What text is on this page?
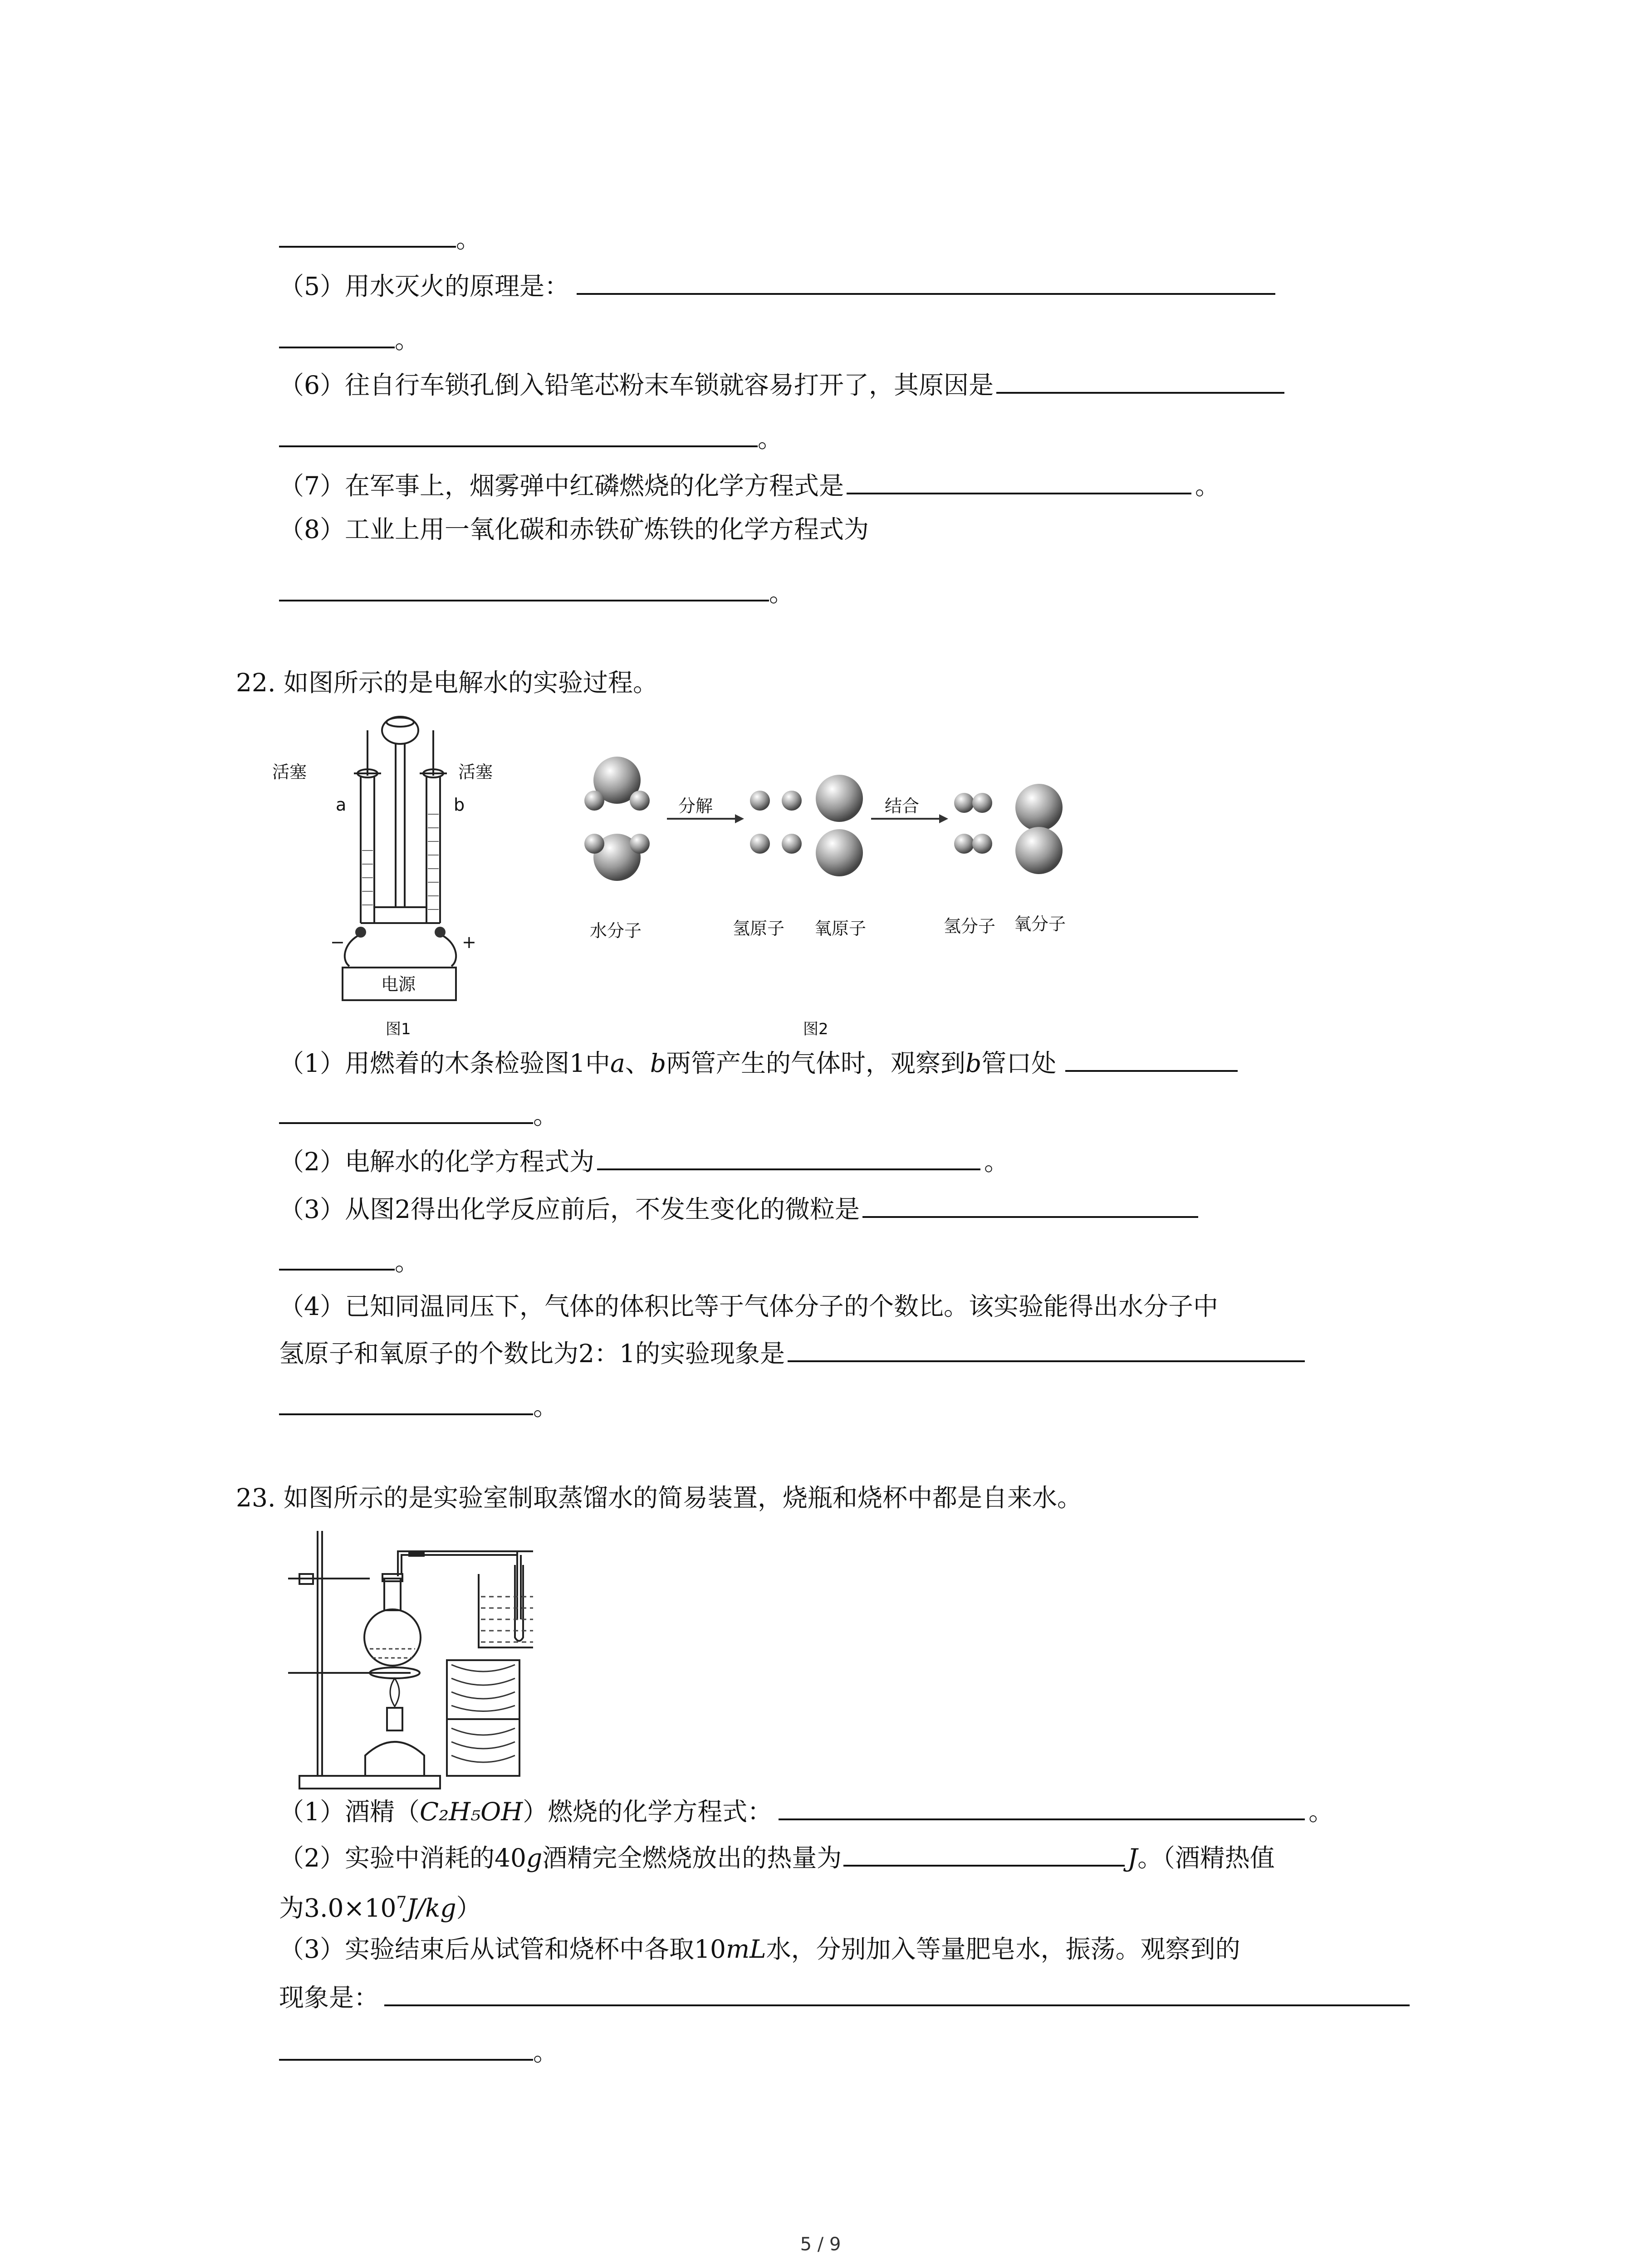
。
（5）用水灭火的原理是：
。
（6）往自行车锁孔倒入铅笔芯粉末车锁就容易打开了，其原因是
。
（7）在军事上，烟雾弹中红磷燃烧的化学方程式是	。
（8）工业上用一氧化碳和赤铁矿炼铁的化学方程式为
。
22. 如图所示的是电解水的实验过程。
活塞	活塞
a	b
−	+
电源
图1
分解	结合
水分子	氢原子 氧原子	氢分子 氧分子
图2
（1）用燃着的木条检验图1中a、b两管产生的气体时，观察到b管口处
。
（2）电解水的化学方程式为	。
（3）从图2得出化学反应前后，不发生变化的微粒是
。
（4）已知同温同压下，气体的体积比等于气体分子的个数比。该实验能得出水分子中
氢原子和氧原子的个数比为2：1的实验现象是
。
23. 如图所示的是实验室制取蒸馏水的简易装置，烧瓶和烧杯中都是自来水。
（1）酒精（C₂H₅OH）燃烧的化学方程式：	。
（2）实验中消耗的40g酒精完全燃烧放出的热量为	J。（酒精热值
为$3.0\times 10^7J/kg$）
（3）实验结束后从试管和烧杯中各取10mL水，分别加入等量肥皂水，振荡。观察到的
现象是：
。
5 / 9
